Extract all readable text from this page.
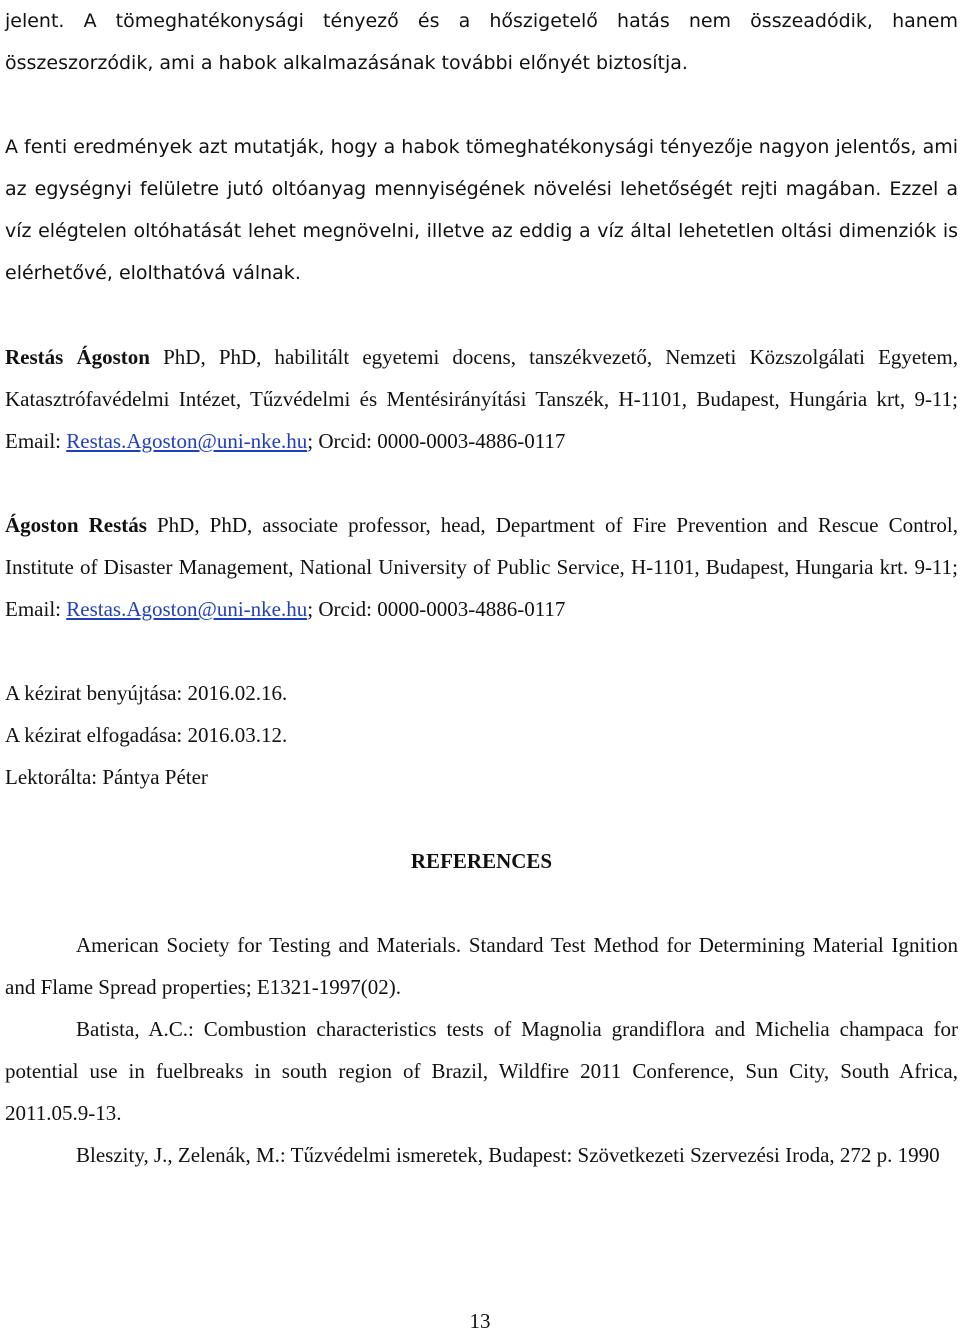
jelent. A tömeghatékonysági tényező és a hőszigetelő hatás nem összeadódik, hanem összeszorzódik, ami a habok alkalmazásának további előnyét biztosítja.

A fenti eredmények azt mutatják, hogy a habok tömeghatékonysági tényezője nagyon jelentős, ami az egységnyi felületre jutó oltóanyag mennyiségének növelési lehetőségét rejti magában. Ezzel a víz elégtelen oltóhatását lehet megnövelni, illetve az eddig a víz által lehetetlen oltási dimenziók is elérhetővé, elolthatóvá válnak.

Restás Ágoston PhD, PhD, habilitált egyetemi docens, tanszékvezető, Nemzeti Közszolgálati Egyetem, Katasztrófavédelmi Intézet, Tűzvédelmi és Mentésirányítási Tanszék, H-1101, Budapest, Hungária krt, 9-11; Email: Restas.Agoston@uni-nke.hu; Orcid: 0000-0003-4886-0117

Ágoston Restás PhD, PhD, associate professor, head, Department of Fire Prevention and Rescue Control, Institute of Disaster Management, National University of Public Service, H-1101, Budapest, Hungaria krt. 9-11; Email: Restas.Agoston@uni-nke.hu; Orcid: 0000-0003-4886-0117

A kézirat benyújtása: 2016.02.16.

A kézirat elfogadása: 2016.03.12.

Lektorálta: Pántya Péter

REFERENCES

American Society for Testing and Materials. Standard Test Method for Determining Material Ignition and Flame Spread properties; E1321-1997(02).

Batista, A.C.: Combustion characteristics tests of Magnolia grandiflora and Michelia champaca for potential use in fuelbreaks in south region of Brazil, Wildfire 2011 Conference, Sun City, South Africa, 2011.05.9-13.

Bleszity, J., Zelenák, M.: Tűzvédelmi ismeretek, Budapest: Szövetkezeti Szervezési Iroda, 272 p. 1990

13
